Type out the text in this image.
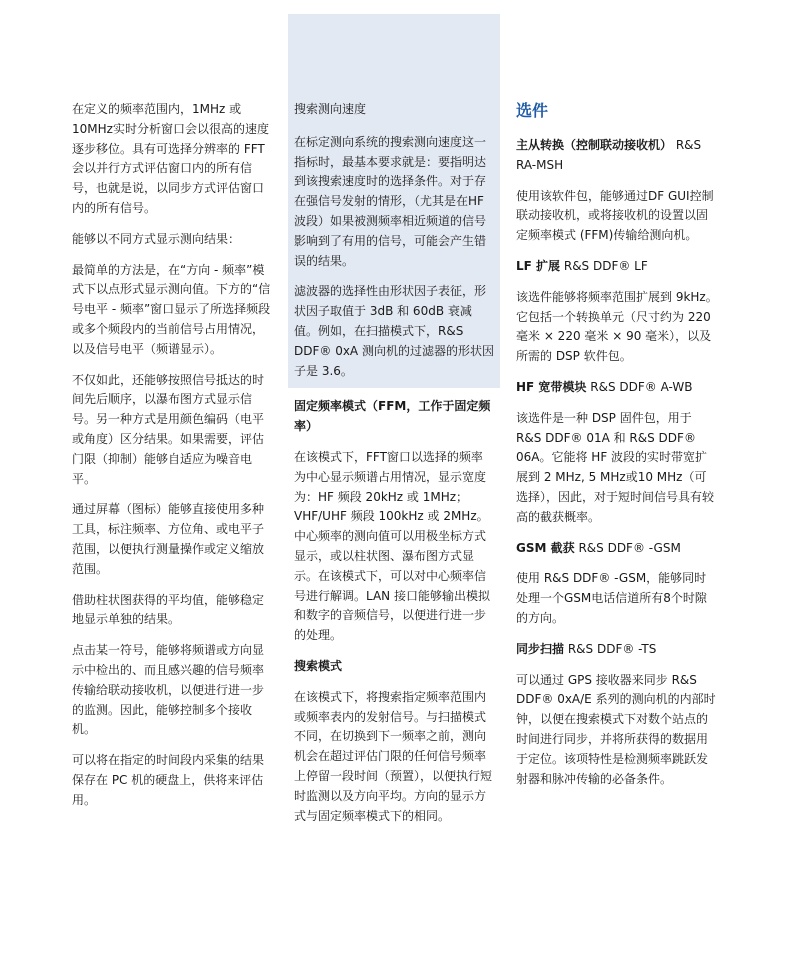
在定义的频率范围内，1MHz 或 10MHz实时分析窗口会以很高的速度逐步移位。具有可选择分辨率的 FFT 会以并行方式评估窗口内的所有信号，也就是说，以同步方式评估窗口内的所有信号。

能够以不同方式显示测向结果：

最简单的方法是，在“方向 - 频率”模式下以点形式显示测向值。下方的“信号电平 - 频率”窗口显示了所选择频段或多个频段内的当前信号占用情况，以及信号电平（频谱显示）。

不仅如此，还能够按照信号抵达的时间先后顺序，以瀑布图方式显示信号。另一种方式是用颜色编码（电平或角度）区分结果。如果需要，评估门限（抑制）能够自适应为噪音电平。

通过屏幕（图标）能够直接使用多种工具，标注频率、方位角、或电平子范围，以便执行测量操作或定义缩放范围。

借助柱状图获得的平均值，能够稳定地显示单独的结果。

点击某一符号，能够将频谱或方向显示中检出的、而且感兴趣的信号频率传输给联动接收机，以便进行进一步的监测。因此，能够控制多个接收机。

可以将在指定的时间段内采集的结果保存在 PC 机的硬盘上，供将来评估用。

搜索测向速度

在标定测向系统的搜索测向速度这一指标时，最基本要求就是：要指明达到该搜索速度时的选择条件。对于存在强信号发射的情形，（尤其是在HF波段）如果被测频率相近频道的信号影响到了有用的信号，可能会产生错误的结果。

滤波器的选择性由形状因子表征，形状因子取值于 3dB 和 60dB 衰减值。例如，在扫描模式下，R&S DDF® 0xA 测向机的过滤器的形状因子是 3.6。

固定频率模式（FFM，工作于固定频率）

在该模式下，FFT窗口以选择的频率为中心显示频谱占用情况，显示宽度为：HF 频段 20kHz 或 1MHz；VHF/UHF 频段 100kHz 或 2MHz。中心频率的测向值可以用极坐标方式显示，或以柱状图、瀑布图方式显示。在该模式下，可以对中心频率信号进行解调。LAN 接口能够输出模拟和数字的音频信号，以便进行进一步的处理。

搜索模式

在该模式下，将搜索指定频率范围内或频率表内的发射信号。与扫描模式不同，在切换到下一频率之前，测向机会在超过评估门限的任何信号频率上停留一段时间（预置），以便执行短时监测以及方向平均。方向的显示方式与固定频率模式下的相同。

选件

主从转换（控制联动接收机） R&S RA-MSH

使用该软件包，能够通过DF GUI控制联动接收机，或将接收机的设置以固定频率模式 (FFM)传输给测向机。

LF 扩展 R&S DDF® LF

该选件能够将频率范围扩展到 9kHz。它包括一个转换单元（尺寸约为 220 毫米 × 220 毫米 × 90 毫米），以及所需的 DSP 软件包。

HF 宽带模块 R&S DDF® A-WB

该选件是一种 DSP 固件包，用于 R&S DDF® 01A 和 R&S DDF® 06A。它能将 HF 波段的实时带宽扩展到 2 MHz, 5 MHz或10 MHz（可选择），因此，对于短时间信号具有较高的截获概率。

GSM 截获 R&S DDF® -GSM

使用 R&S DDF® -GSM，能够同时处理一个GSM电话信道所有8个时隙的方向。

同步扫描 R&S DDF® -TS

可以通过 GPS 接收器来同步 R&S DDF® 0xA/E 系列的测向机的内部时钟，以便在搜索模式下对数个站点的时间进行同步，并将所获得的数据用于定位。该项特性是检测频率跳跃发射器和脉冲传输的必备条件。
